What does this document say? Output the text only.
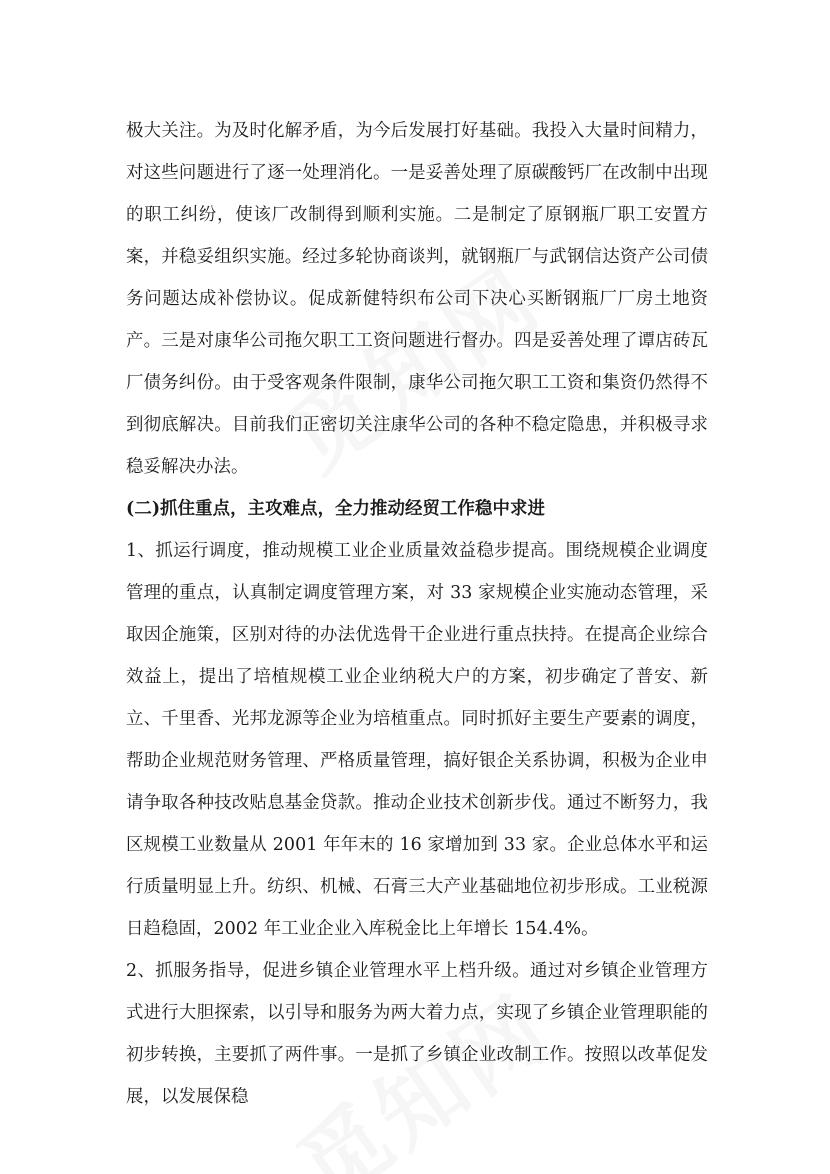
极大关注。为及时化解矛盾，为今后发展打好基础。我投入大量时间精力，对这些问题进行了逐一处理消化。一是妥善处理了原碳酸钙厂在改制中出现的职工纠纷，使该厂改制得到顺利实施。二是制定了原钢瓶厂职工安置方案，并稳妥组织实施。经过多轮协商谈判，就钢瓶厂与武钢信达资产公司债务问题达成补偿协议。促成新健特织布公司下决心买断钢瓶厂厂房土地资产。三是对康华公司拖欠职工工资问题进行督办。四是妥善处理了谭店砖瓦厂债务纠份。由于受客观条件限制，康华公司拖欠职工工资和集资仍然得不到彻底解决。目前我们正密切关注康华公司的各种不稳定隐患，并积极寻求稳妥解决办法。

(二)抓住重点，主攻难点，全力推动经贸工作稳中求进

1、抓运行调度，推动规模工业企业质量效益稳步提高。围绕规模企业调度管理的重点，认真制定调度管理方案，对 33 家规模企业实施动态管理，采取因企施策，区别对待的办法优选骨干企业进行重点扶持。在提高企业综合效益上，提出了培植规模工业企业纳税大户的方案，初步确定了普安、新立、千里香、光邦龙源等企业为培植重点。同时抓好主要生产要素的调度，帮助企业规范财务管理、严格质量管理，搞好银企关系协调，积极为企业申请争取各种技改贴息基金贷款。推动企业技术创新步伐。通过不断努力，我区规模工业数量从 2001 年年末的 16 家增加到 33 家。企业总体水平和运行质量明显上升。纺织、机械、石膏三大产业基础地位初步形成。工业税源日趋稳固，2002 年工业企业入库税金比上年增长 154.4%。

2、抓服务指导，促进乡镇企业管理水平上档升级。通过对乡镇企业管理方式进行大胆探索，以引导和服务为两大着力点，实现了乡镇企业管理职能的初步转换，主要抓了两件事。一是抓了乡镇企业改制工作。按照以改革促发展，以发展保稳
